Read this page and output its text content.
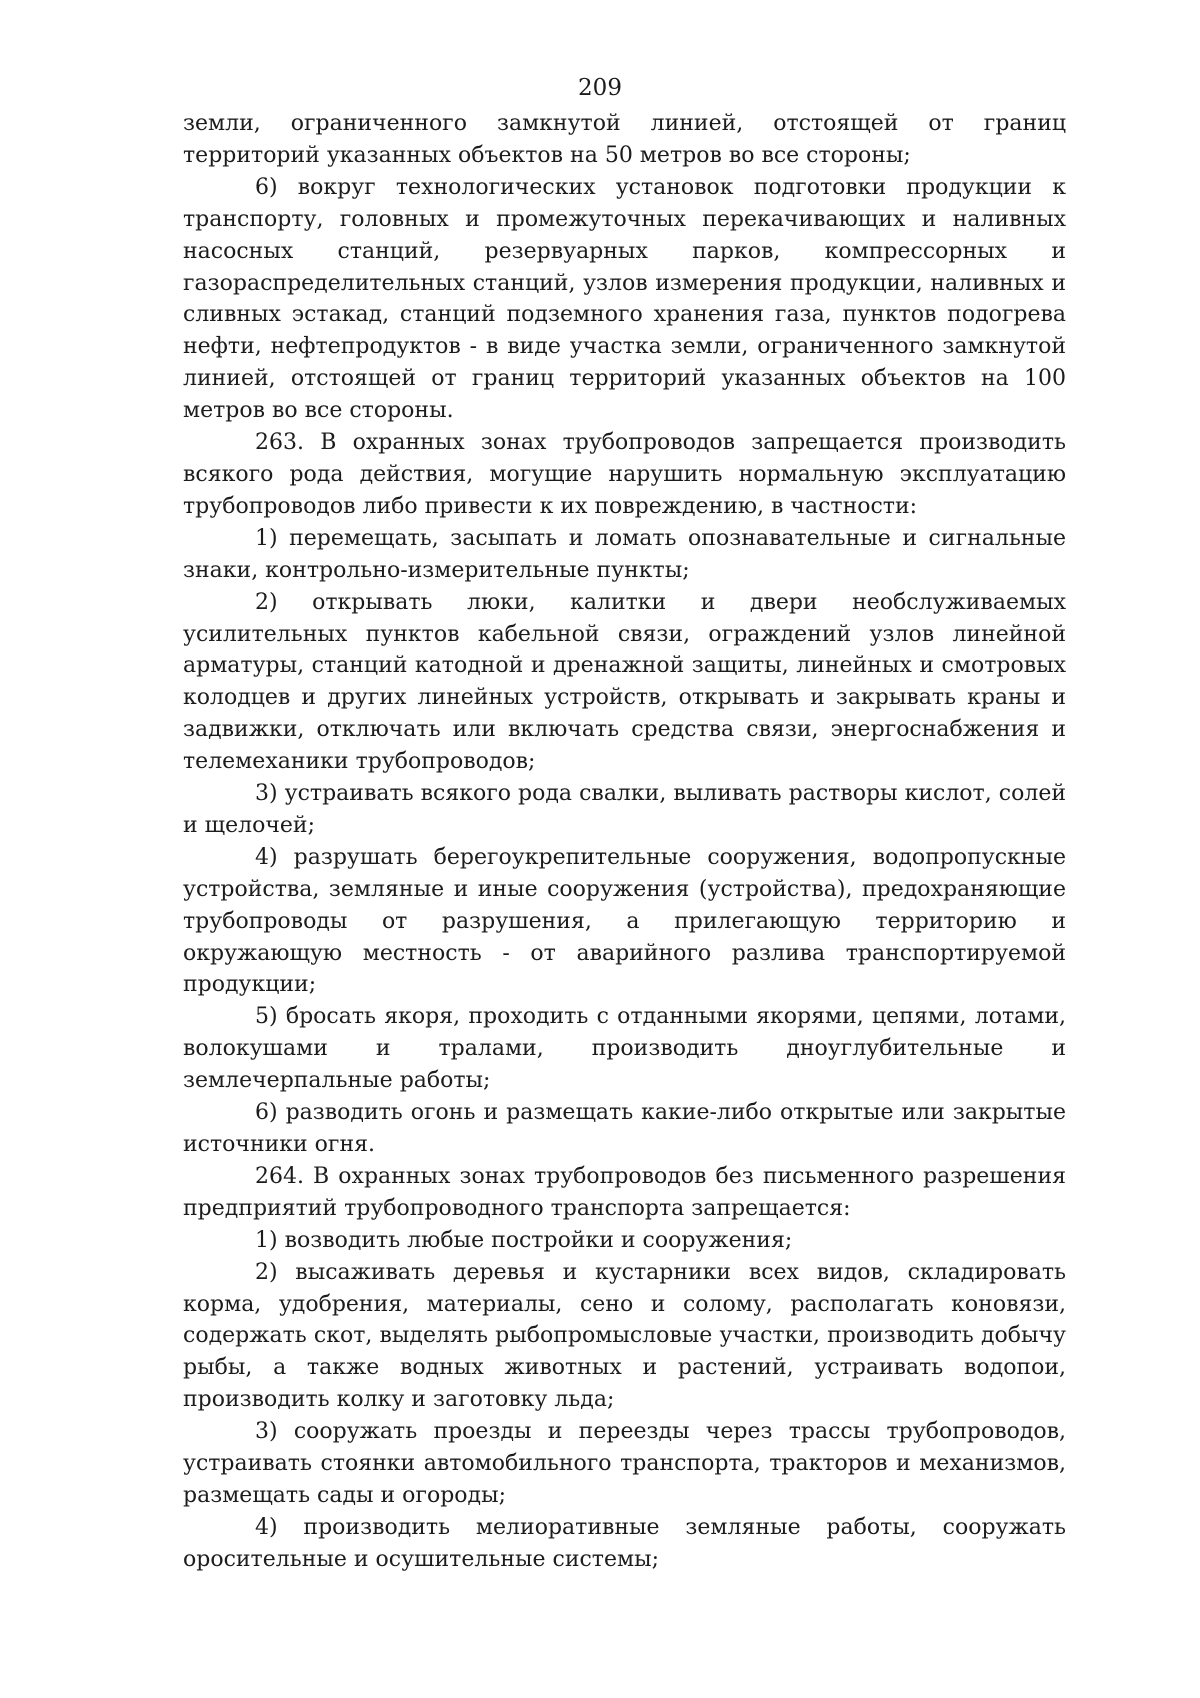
209

земли, ограниченного замкнутой линией, отстоящей от границ территорий указанных объектов на 50 метров во все стороны;

6) вокруг технологических установок подготовки продукции к транспорту, головных и промежуточных перекачивающих и наливных насосных станций, резервуарных парков, компрессорных и газораспределительных станций, узлов измерения продукции, наливных и сливных эстакад, станций подземного хранения газа, пунктов подогрева нефти, нефтепродуктов - в виде участка земли, ограниченного замкнутой линией, отстоящей от границ территорий указанных объектов на 100 метров во все стороны.

263. В охранных зонах трубопроводов запрещается производить всякого рода действия, могущие нарушить нормальную эксплуатацию трубопроводов либо привести к их повреждению, в частности:

1) перемещать, засыпать и ломать опознавательные и сигнальные знаки, контрольно-измерительные пункты;

2) открывать люки, калитки и двери необслуживаемых усилительных пунктов кабельной связи, ограждений узлов линейной арматуры, станций катодной и дренажной защиты, линейных и смотровых колодцев и других линейных устройств, открывать и закрывать краны и задвижки, отключать или включать средства связи, энергоснабжения и телемеханики трубопроводов;

3) устраивать всякого рода свалки, выливать растворы кислот, солей и щелочей;

4) разрушать берегоукрепительные сооружения, водопропускные устройства, земляные и иные сооружения (устройства), предохраняющие трубопроводы от разрушения, а прилегающую территорию и окружающую местность - от аварийного разлива транспортируемой продукции;

5) бросать якоря, проходить с отданными якорями, цепями, лотами, волокушами и тралами, производить дноуглубительные и землечерпальные работы;

6) разводить огонь и размещать какие-либо открытые или закрытые источники огня.

264. В охранных зонах трубопроводов без письменного разрешения предприятий трубопроводного транспорта запрещается:

1) возводить любые постройки и сооружения;

2) высаживать деревья и кустарники всех видов, складировать корма, удобрения, материалы, сено и солому, располагать коновязи, содержать скот, выделять рыбопромысловые участки, производить добычу рыбы, а также водных животных и растений, устраивать водопои, производить колку и заготовку льда;

3) сооружать проезды и переезды через трассы трубопроводов, устраивать стоянки автомобильного транспорта, тракторов и механизмов, размещать сады и огороды;

4) производить мелиоративные земляные работы, сооружать оросительные и осушительные системы;
